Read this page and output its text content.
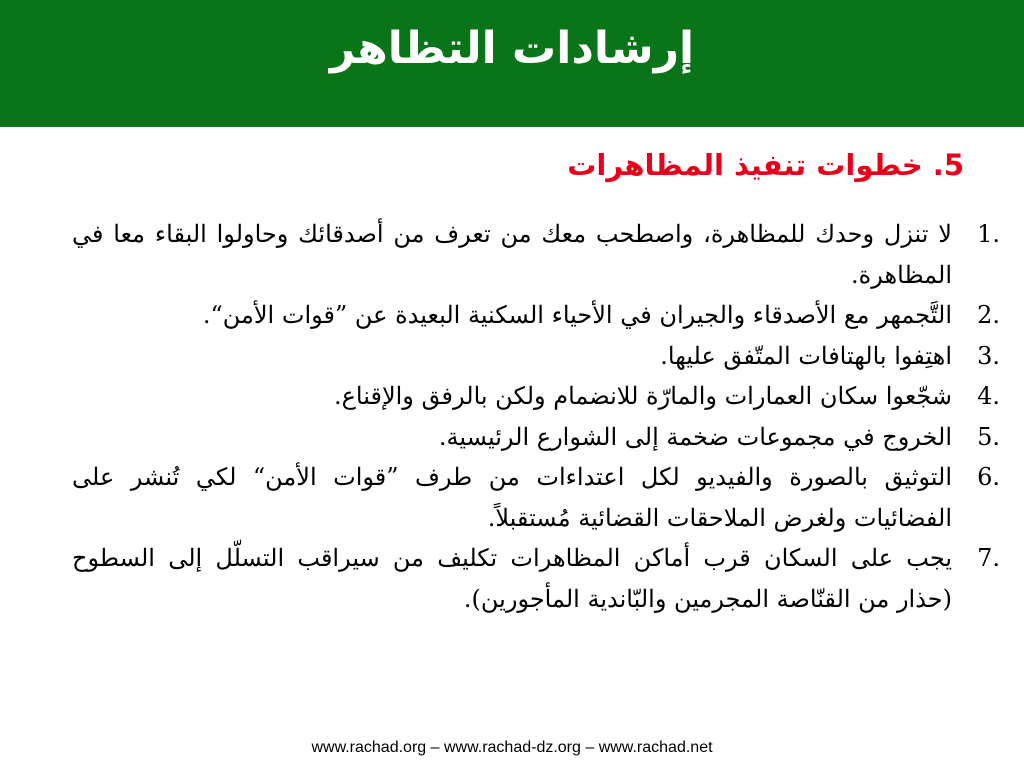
إرشادات التظاهر
5. خطوات تنفيذ المظاهرات
1.
لا تنزل وحدك للمظاهرة، واصطحب معك من تعرف من أصدقائك وحاولوا البقاء معا في المظاهرة.
2.
التَّجمهر مع الأصدقاء والجيران في الأحياء السكنية البعيدة عن ”قوات الأمن“.
3.
اهتِفوا بالهتافات المتّفق عليها.
4.
شجّعوا سكان العمارات والمارّة للانضمام ولكن بالرفق والإقناع.
5.
الخروج في مجموعات ضخمة إلى الشوارع الرئيسية.
6.
التوثيق بالصورة والفيديو لكل اعتداءات من طرف ”قوات الأمن“ لكي تُنشر على الفضائيات ولغرض الملاحقات القضائية مُستقبلاً.
7.
يجب على السكان قرب أماكن المظاهرات تكليف من سيراقب التسلّل إلى السطوح (حذار من القنّاصة المجرمين والبّاندية المأجورين).
www.rachad.org – www.rachad-dz.org – www.rachad.net
